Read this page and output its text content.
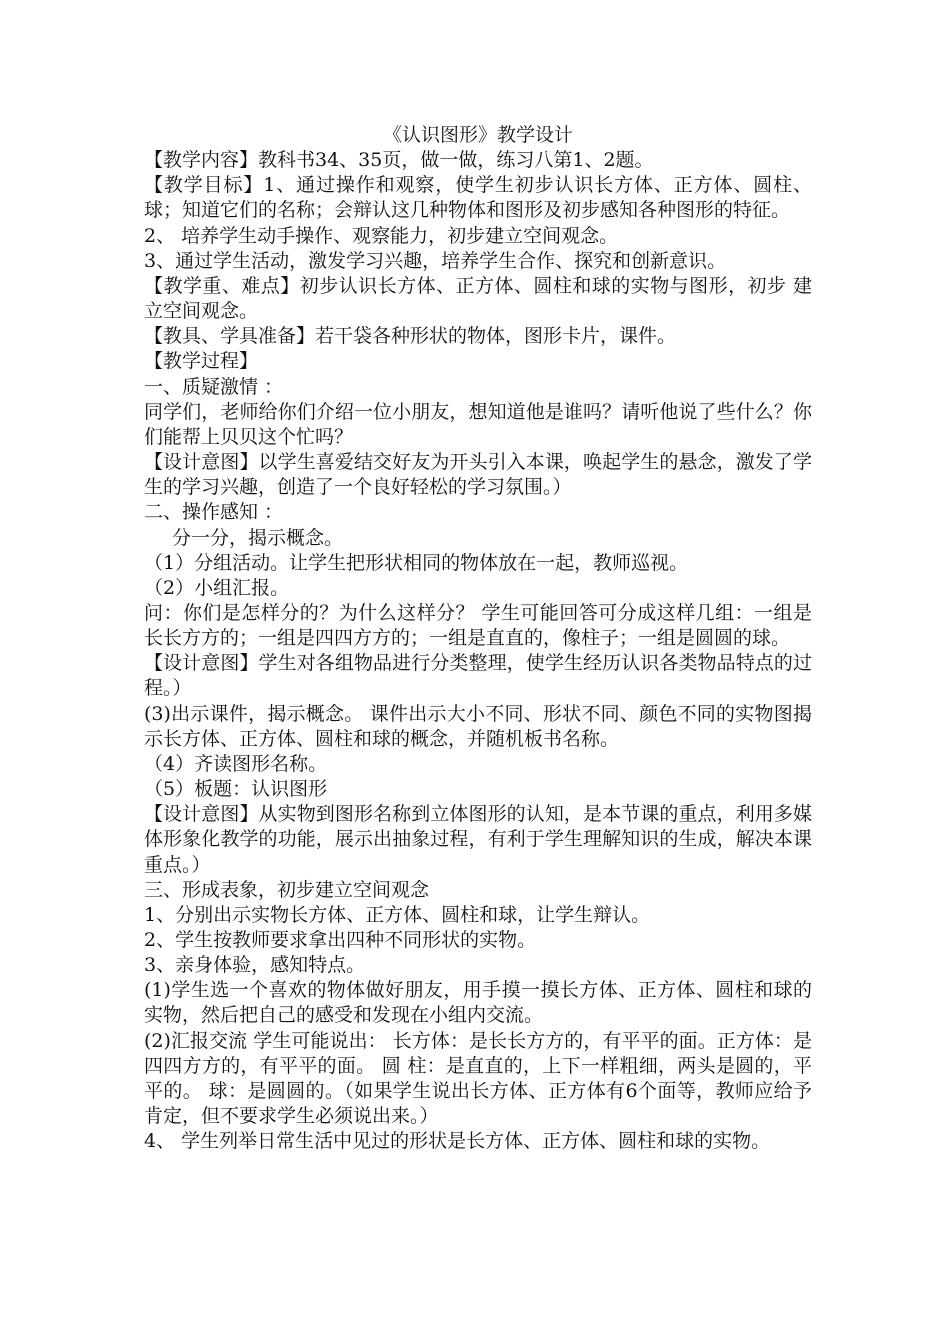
《认识图形》教学设计
【教学内容】教科书34、35页，做一做，练习八第1、2题。
【教学目标】1、通过操作和观察，使学生初步认识长方体、正方体、圆柱、球；知道它们的名称；会辩认这几种物体和图形及初步感知各种图形的特征。
2、 培养学生动手操作、观察能力，初步建立空间观念。
3、通过学生活动，激发学习兴趣，培养学生合作、探究和创新意识。
【教学重、难点】初步认识长方体、正方体、圆柱和球的实物与图形，初步 建立空间观念。
【教具、学具准备】若干袋各种形状的物体，图形卡片，课件。
【教学过程】
一、质疑激情 ：
同学们，老师给你们介绍一位小朋友，想知道他是谁吗？请听他说了些什么？你们能帮上贝贝这个忙吗？
【设计意图】以学生喜爱结交好友为开头引入本课，唤起学生的悬念，激发了学生的学习兴趣，创造了一个良好轻松的学习氛围。）
二、操作感知 ：
分一分，揭示概念。
（1）分组活动。让学生把形状相同的物体放在一起，教师巡视。
（2）小组汇报。
问：你们是怎样分的？为什么这样分？ 学生可能回答可分成这样几组：一组是长长方方的；一组是四四方方的；一组是直直的，像柱子；一组是圆圆的球。
【设计意图】学生对各组物品进行分类整理，使学生经历认识各类物品特点的过程。）
(3)出示课件，揭示概念。 课件出示大小不同、形状不同、颜色不同的实物图揭示长方体、正方体、圆柱和球的概念，并随机板书名称。
（4）齐读图形名称。
（5）板题：认识图形
【设计意图】从实物到图形名称到立体图形的认知，是本节课的重点，利用多媒体形象化教学的功能，展示出抽象过程，有利于学生理解知识的生成，解决本课重点。）
三、形成表象，初步建立空间观念
1、分别出示实物长方体、正方体、圆柱和球，让学生辩认。
2、学生按教师要求拿出四种不同形状的实物。
3、亲身体验，感知特点。
(1)学生选一个喜欢的物体做好朋友，用手摸一摸长方体、正方体、圆柱和球的实物，然后把自己的感受和发现在小组内交流。
(2)汇报交流 学生可能说出： 长方体：是长长方方的，有平平的面。正方体：是四四方方的，有平平的面。 圆 柱：是直直的，上下一样粗细，两头是圆的，平平的。 球：是圆圆的。（如果学生说出长方体、正方体有6个面等，教师应给予肯定，但不要求学生必须说出来。）
4、 学生列举日常生活中见过的形状是长方体、正方体、圆柱和球的实物。
